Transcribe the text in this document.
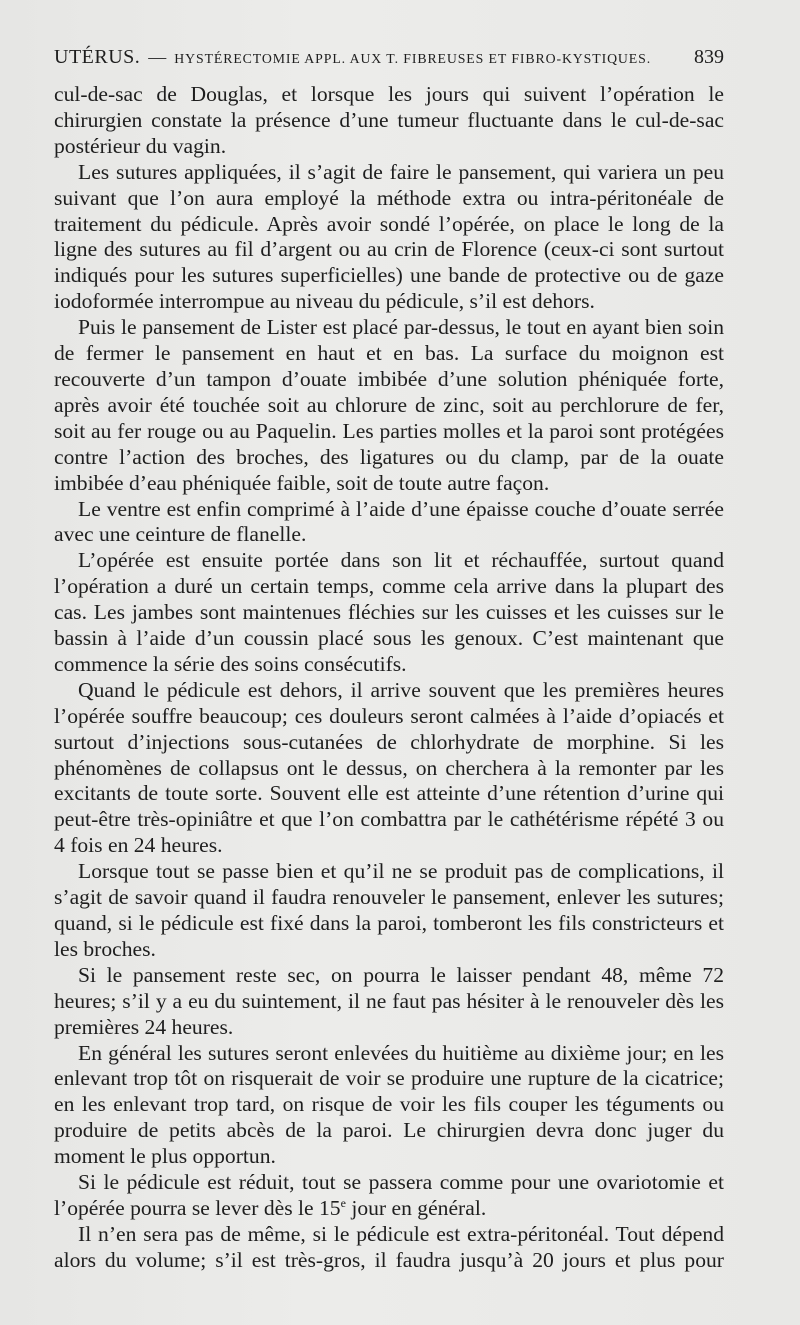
UTÉRUS. — HYSTÉRECTOMIE APPL. AUX T. FIBREUSES ET FIBRO-KYSTIQUES. 839

cul-de-sac de Douglas, et lorsque les jours qui suivent l’opération le chirurgien constate la présence d’une tumeur fluctuante dans le cul-de-sac postérieur du vagin.

Les sutures appliquées, il s’agit de faire le pansement, qui variera un peu suivant que l’on aura employé la méthode extra ou intra-péritonéale de traitement du pédicule. Après avoir sondé l’opérée, on place le long de la ligne des sutures au fil d’argent ou au crin de Florence (ceux-ci sont surtout indiqués pour les sutures superficielles) une bande de protective ou de gaze iodoformée interrompue au niveau du pédicule, s’il est dehors.

Puis le pansement de Lister est placé par-dessus, le tout en ayant bien soin de fermer le pansement en haut et en bas. La surface du moignon est recouverte d’un tampon d’ouate imbibée d’une solution phéniquée forte, après avoir été touchée soit au chlorure de zinc, soit au perchlorure de fer, soit au fer rouge ou au Paquelin. Les parties molles et la paroi sont protégées contre l’action des broches, des ligatures ou du clamp, par de la ouate imbibée d’eau phéniquée faible, soit de toute autre façon.

Le ventre est enfin comprimé à l’aide d’une épaisse couche d’ouate serrée avec une ceinture de flanelle.

L’opérée est ensuite portée dans son lit et réchauffée, surtout quand l’opération a duré un certain temps, comme cela arrive dans la plupart des cas. Les jambes sont maintenues fléchies sur les cuisses et les cuisses sur le bassin à l’aide d’un coussin placé sous les genoux. C’est maintenant que commence la série des soins consécutifs.

Quand le pédicule est dehors, il arrive souvent que les premières heures l’opérée souffre beaucoup; ces douleurs seront calmées à l’aide d’opiacés et surtout d’injections sous-cutanées de chlorhydrate de morphine. Si les phénomènes de collapsus ont le dessus, on cherchera à la remonter par les excitants de toute sorte. Souvent elle est atteinte d’une rétention d’urine qui peut-être très-opiniâtre et que l’on combattra par le cathétérisme répété 3 ou 4 fois en 24 heures.

Lorsque tout se passe bien et qu’il ne se produit pas de complications, il s’agit de savoir quand il faudra renouveler le pansement, enlever les sutures; quand, si le pédicule est fixé dans la paroi, tomberont les fils constricteurs et les broches.

Si le pansement reste sec, on pourra le laisser pendant 48, même 72 heures; s’il y a eu du suintement, il ne faut pas hésiter à le renouveler dès les premières 24 heures.

En général les sutures seront enlevées du huitième au dixième jour; en les enlevant trop tôt on risquerait de voir se produire une rupture de la cicatrice; en les enlevant trop tard, on risque de voir les fils couper les téguments ou produire de petits abcès de la paroi. Le chirurgien devra donc juger du moment le plus opportun.

Si le pédicule est réduit, tout se passera comme pour une ovariotomie et l’opérée pourra se lever dès le 15e jour en général.

Il n’en sera pas de même, si le pédicule est extra-péritonéal. Tout dépend alors du volume; s’il est très-gros, il faudra jusqu’à 20 jours et plus pour
